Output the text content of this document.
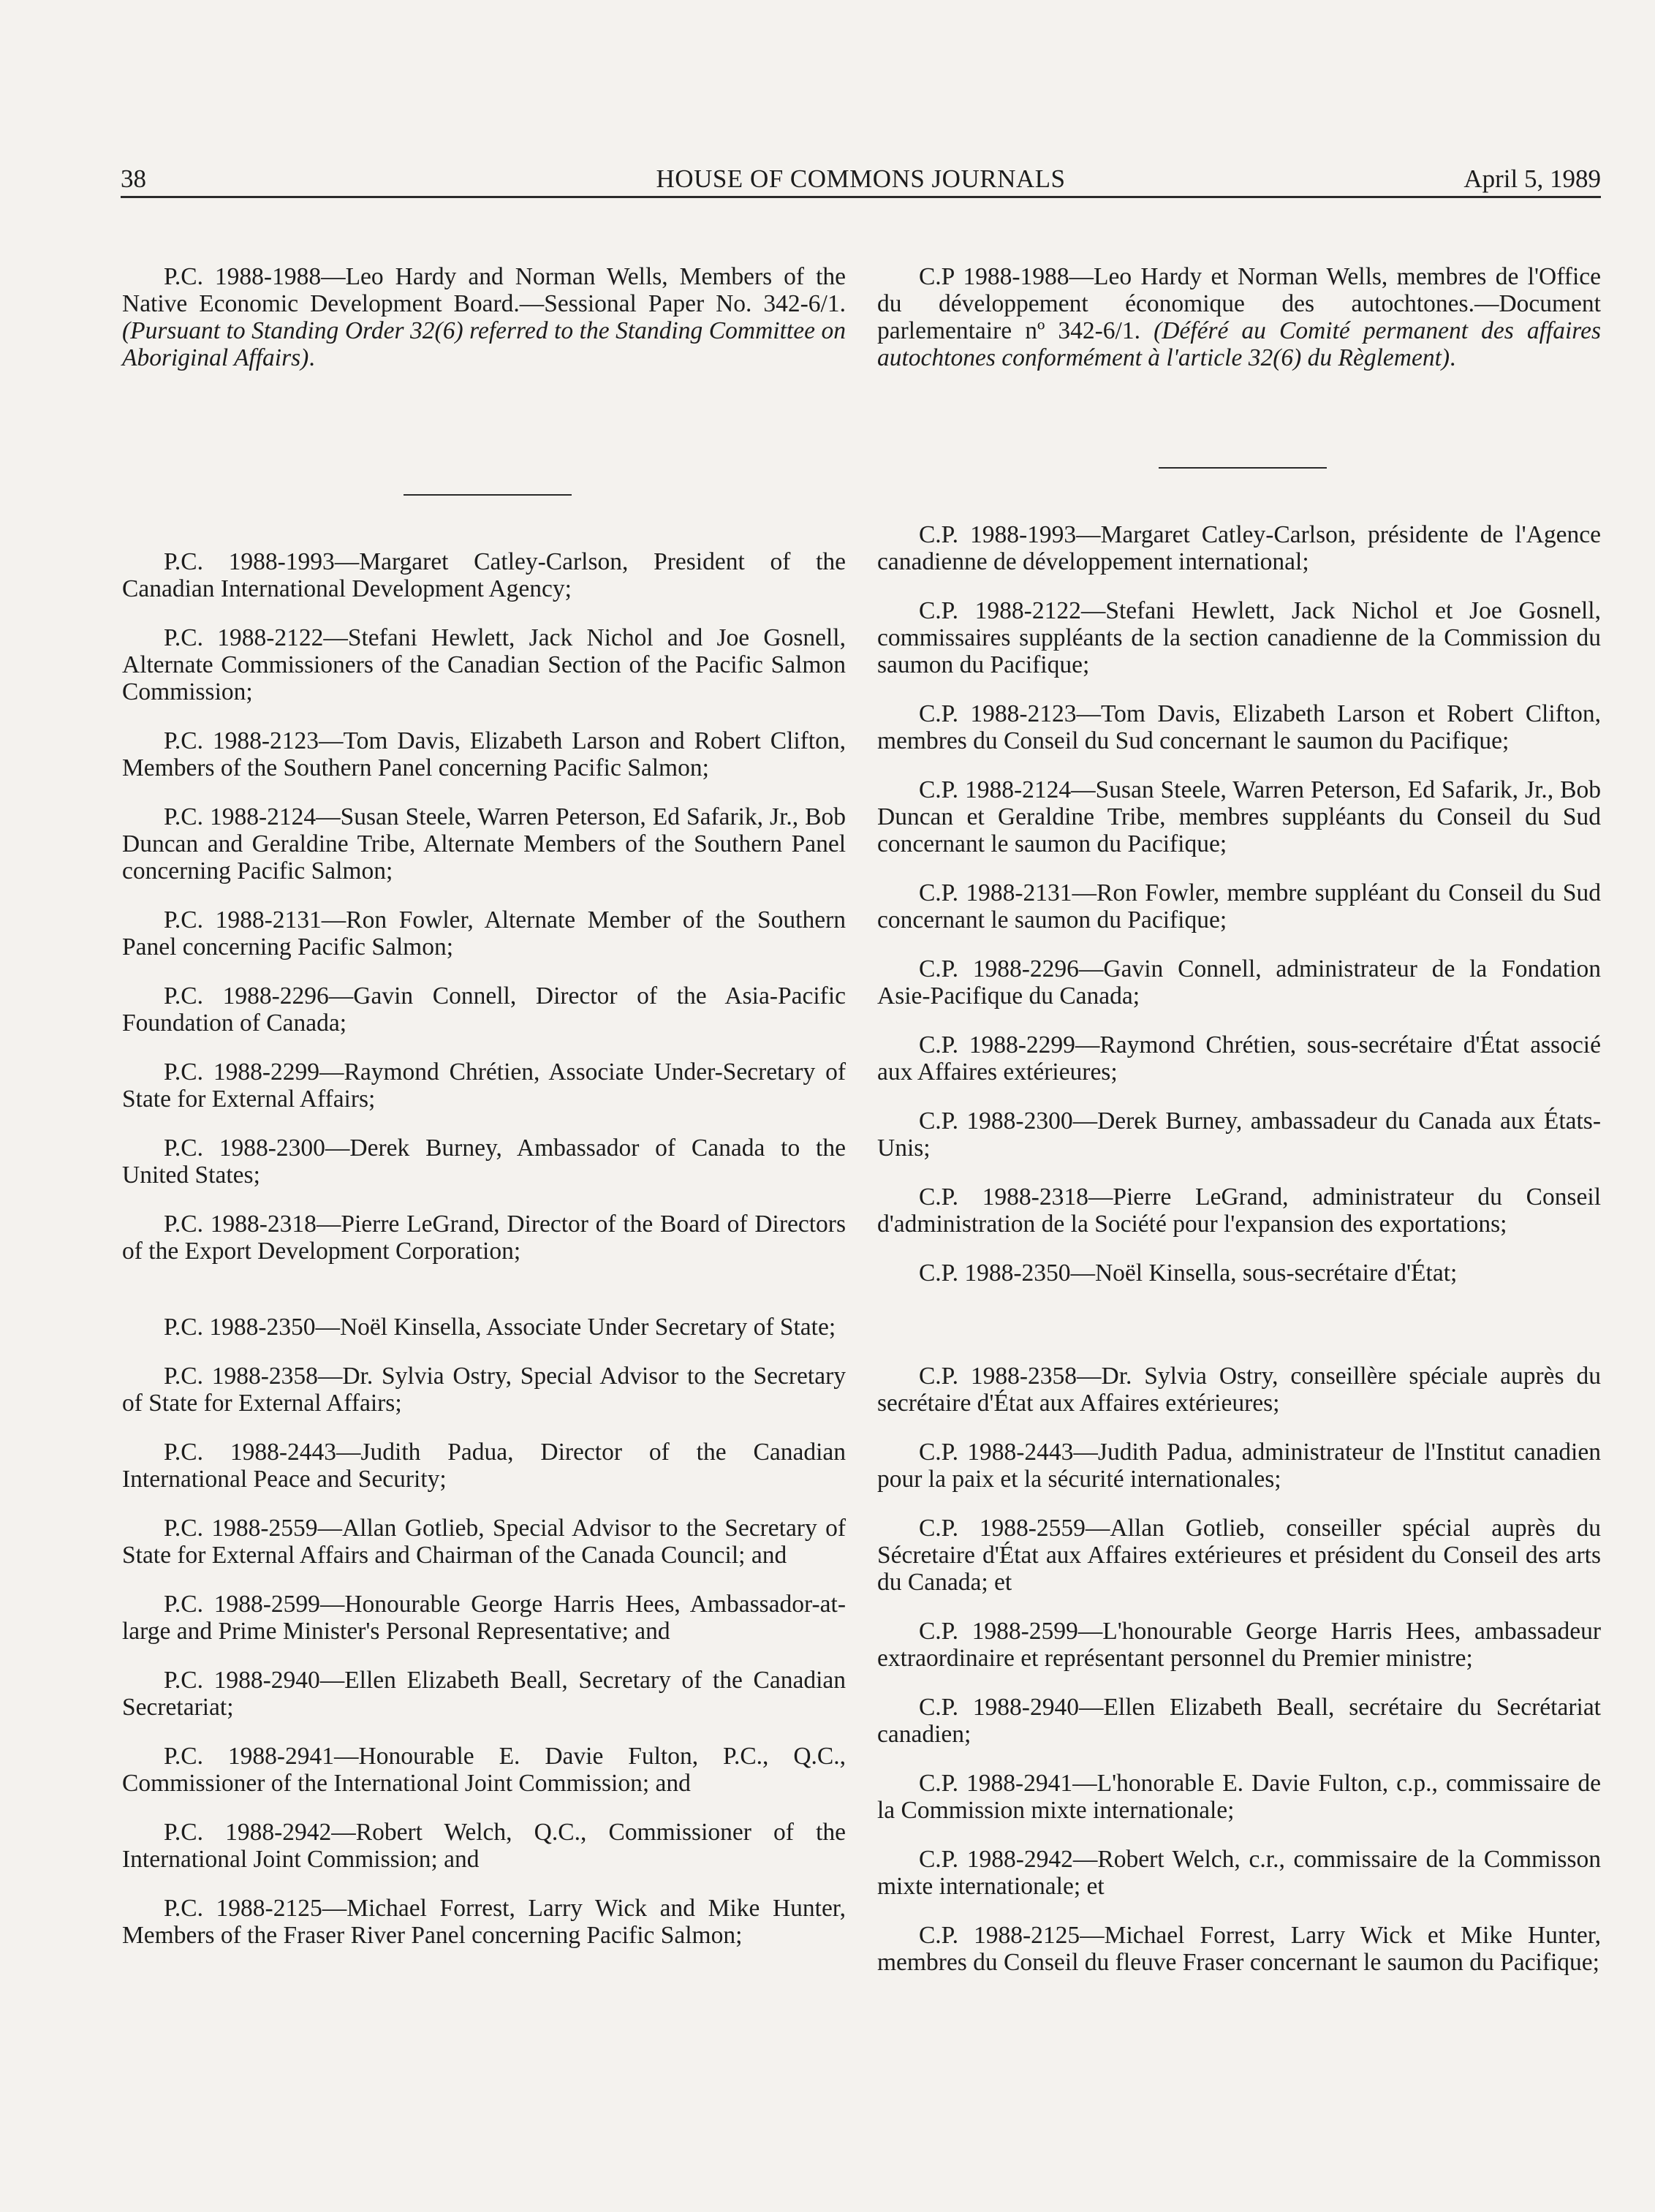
38	HOUSE OF COMMONS JOURNALS	April 5, 1989

P.C. 1988-1988—Leo Hardy and Norman Wells, Members of the Native Economic Development Board.—Sessional Paper No. 342-6/1. (Pursuant to Standing Order 32(6) referred to the Standing Committee on Aboriginal Affairs).

P.C. 1988-1993—Margaret Catley-Carlson, President of the Canadian International Development Agency;

P.C. 1988-2122—Stefani Hewlett, Jack Nichol and Joe Gosnell, Alternate Commissioners of the Canadian Section of the Pacific Salmon Commission;

P.C. 1988-2123—Tom Davis, Elizabeth Larson and Robert Clifton, Members of the Southern Panel concerning Pacific Salmon;

P.C. 1988-2124—Susan Steele, Warren Peterson, Ed Safarik, Jr., Bob Duncan and Geraldine Tribe, Alternate Members of the Southern Panel concerning Pacific Salmon;

P.C. 1988-2131—Ron Fowler, Alternate Member of the Southern Panel concerning Pacific Salmon;

P.C. 1988-2296—Gavin Connell, Director of the Asia-Pacific Foundation of Canada;

P.C. 1988-2299—Raymond Chrétien, Associate Under-Secretary of State for External Affairs;

P.C. 1988-2300—Derek Burney, Ambassador of Canada to the United States;

P.C. 1988-2318—Pierre LeGrand, Director of the Board of Directors of the Export Development Corporation;

P.C. 1988-2350—Noël Kinsella, Associate Under Secretary of State;

P.C. 1988-2358—Dr. Sylvia Ostry, Special Advisor to the Secretary of State for External Affairs;

P.C. 1988-2443—Judith Padua, Director of the Canadian International Peace and Security;

P.C. 1988-2559—Allan Gotlieb, Special Advisor to the Secretary of State for External Affairs and Chairman of the Canada Council; and

P.C. 1988-2599—Honourable George Harris Hees, Ambassador-at-large and Prime Minister's Personal Representative; and

P.C. 1988-2940—Ellen Elizabeth Beall, Secretary of the Canadian Secretariat;

P.C. 1988-2941—Honourable E. Davie Fulton, P.C., Q.C., Commissioner of the International Joint Commission; and

P.C. 1988-2942—Robert Welch, Q.C., Commissioner of the International Joint Commission; and

P.C. 1988-2125—Michael Forrest, Larry Wick and Mike Hunter, Members of the Fraser River Panel concerning Pacific Salmon;

C.P 1988-1988—Leo Hardy et Norman Wells, membres de l'Office du développement économique des autochtones.—Document parlementaire nº 342-6/1. (Déféré au Comité permanent des affaires autochtones conformément à l'article 32(6) du Règlement).

C.P. 1988-1993—Margaret Catley-Carlson, présidente de l'Agence canadienne de développement international;

C.P. 1988-2122—Stefani Hewlett, Jack Nichol et Joe Gosnell, commissaires suppléants de la section canadienne de la Commission du saumon du Pacifique;

C.P. 1988-2123—Tom Davis, Elizabeth Larson et Robert Clifton, membres du Conseil du Sud concernant le saumon du Pacifique;

C.P. 1988-2124—Susan Steele, Warren Peterson, Ed Safarik, Jr., Bob Duncan et Geraldine Tribe, membres suppléants du Conseil du Sud concernant le saumon du Pacifique;

C.P. 1988-2131—Ron Fowler, membre suppléant du Conseil du Sud concernant le saumon du Pacifique;

C.P. 1988-2296—Gavin Connell, administrateur de la Fondation Asie-Pacifique du Canada;

C.P. 1988-2299—Raymond Chrétien, sous-secrétaire d'État associé aux Affaires extérieures;

C.P. 1988-2300—Derek Burney, ambassadeur du Canada aux États-Unis;

C.P. 1988-2318—Pierre LeGrand, administrateur du Conseil d'administration de la Société pour l'expansion des exportations;

C.P. 1988-2350—Noël Kinsella, sous-secrétaire d'État;

C.P. 1988-2358—Dr. Sylvia Ostry, conseillère spéciale auprès du secrétaire d'État aux Affaires extérieures;

C.P. 1988-2443—Judith Padua, administrateur de l'Institut canadien pour la paix et la sécurité internationales;

C.P. 1988-2559—Allan Gotlieb, conseiller spécial auprès du Sécretaire d'État aux Affaires extérieures et président du Conseil des arts du Canada; et

C.P. 1988-2599—L'honourable George Harris Hees, ambassadeur extraordinaire et représentant personnel du Premier ministre;

C.P. 1988-2940—Ellen Elizabeth Beall, secrétaire du Secrétariat canadien;

C.P. 1988-2941—L'honorable E. Davie Fulton, c.p., commissaire de la Commission mixte internationale;

C.P. 1988-2942—Robert Welch, c.r., commissaire de la Commisson mixte internationale; et

C.P. 1988-2125—Michael Forrest, Larry Wick et Mike Hunter, membres du Conseil du fleuve Fraser concernant le saumon du Pacifique;
